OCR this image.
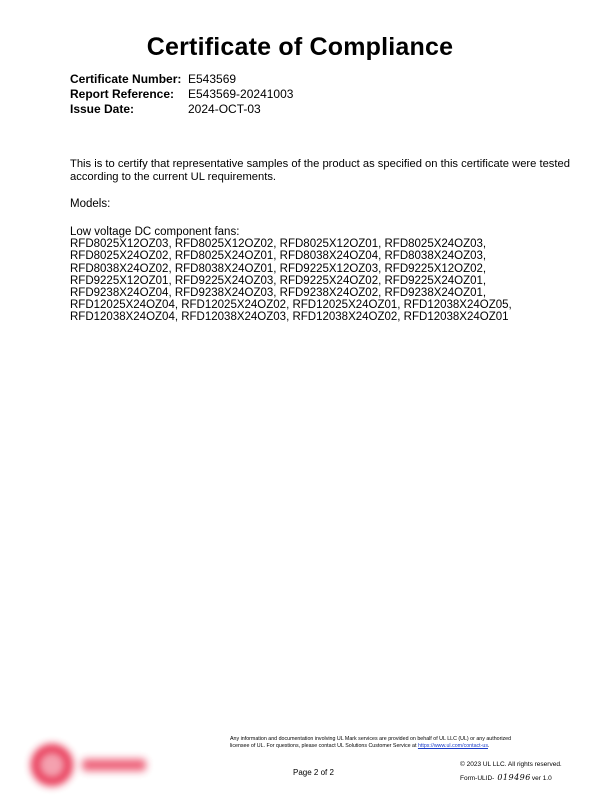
Certificate of Compliance
Certificate Number: E543569
Report Reference:	E543569-20241003
Issue Date:	2024-OCT-03
This is to certify that representative samples of the product as specified on this certificate were tested according to the current UL requirements.
Models:
Low voltage DC component fans:
RFD8025X12OZ03, RFD8025X12OZ02, RFD8025X12OZ01, RFD8025X24OZ03,
RFD8025X24OZ02, RFD8025X24OZ01, RFD8038X24OZ04, RFD8038X24OZ03,
RFD8038X24OZ02, RFD8038X24OZ01, RFD9225X12OZ03, RFD9225X12OZ02,
RFD9225X12OZ01, RFD9225X24OZ03, RFD9225X24OZ02, RFD9225X24OZ01,
RFD9238X24OZ04, RFD9238X24OZ03, RFD9238X24OZ02, RFD9238X24OZ01,
RFD12025X24OZ04, RFD12025X24OZ02, RFD12025X24OZ01, RFD12038X24OZ05,
RFD12038X24OZ04, RFD12038X24OZ03, RFD12038X24OZ02, RFD12038X24OZ01
Any information and documentation involving UL Mark services are provided on behalf of UL LLC (UL) or any authorized
licensee of UL. For questions, please contact UL Solutions Customer Service at https://www.ul.com/contact-us.
Page 2 of 2
© 2023 UL LLC. All rights reserved.
Form-ULID- 019496 ver 1.0
